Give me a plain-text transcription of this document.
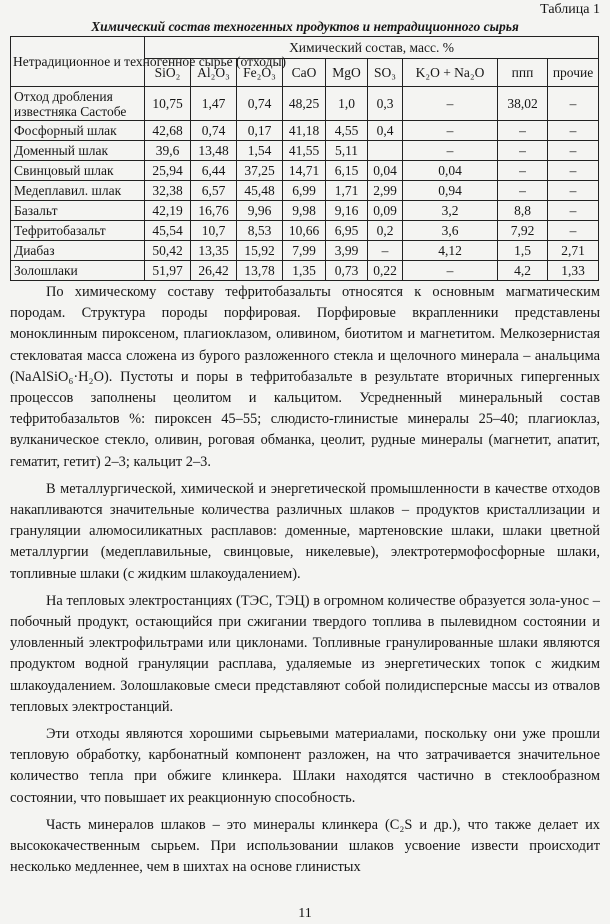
Таблица 1
Химический состав техногенных продуктов и нетрадиционного сырья
Нетрадиционное и техногенное сырье (отходы)	Химический состав, масс. %								
	SiO₂	Al₂O₃	Fe₂O₃	CaO	MgO	SO₃	K₂O + Na₂O	ппп	прочие
Отход дробления известняка Састобе	10,75	1,47	0,74	48,25	1,0	0,3	–	38,02	–
Фосфорный шлак	42,68	0,74	0,17	41,18	4,55	0,4	–	–	–
Доменный шлак	39,6	13,48	1,54	41,55	5,11		–	–	–
Свинцовый шлак	25,94	6,44	37,25	14,71	6,15	0,04	0,04	–	–
Медеплавил. шлак	32,38	6,57	45,48	6,99	1,71	2,99	0,94	–	–
Базальт	42,19	16,76	9,96	9,98	9,16	0,09	3,2	8,8	–
Тефритобазальт	45,54	10,7	8,53	10,66	6,95	0,2	3,6	7,92	–
Диабаз	50,42	13,35	15,92	7,99	3,99	–	4,12	1,5	2,71
Золошлаки	51,97	26,42	13,78	1,35	0,73	0,22	–	4,2	1,33

По химическому составу тефритобазальты относятся к основным магматическим породам. Структура породы порфировая. Порфировые вкрапленники представлены моноклинным пироксеном, плагиоклазом, оливином, биотитом и магнетитом. Мелкозернистая стекловатая масса сложена из бурого разложенного стекла и щелочного минерала – анальцима (NaAlSiO₆·H₂O). Пустоты и поры в тефритобазальте в результате вторичных гипергенных процессов заполнены цеолитом и кальцитом. Усредненный минеральный состав тефритобазальтов %: пироксен 45–55; слюдисто-глинистые минералы 25–40; плагиоклаз, вулканическое стекло, оливин, роговая обманка, цеолит, рудные минералы (магнетит, апатит, гематит, гетит) 2–3; кальцит 2–3.

В металлургической, химической и энергетической промышленности в качестве отходов накапливаются значительные количества различных шлаков – продуктов кристаллизации и грануляции алюмосиликатных расплавов: доменные, мартеновские шлаки, шлаки цветной металлургии (медеплавильные, свинцовые, никелевые), электротермофосфорные шлаки, топливные шлаки (с жидким шлакоудалением).

На тепловых электростанциях (ТЭС, ТЭЦ) в огромном количестве образуется зола-унос – побочный продукт, остающийся при сжигании твердого топлива в пылевидном состоянии и уловленный электрофильтрами или циклонами. Топливные гранулированные шлаки являются продуктом водной грануляции расплава, удаляемые из энергетических топок с жидким шлакоудалением. Золошлаковые смеси представляют собой полидисперсные массы из отвалов тепловых электростанций.

Эти отходы являются хорошими сырьевыми материалами, поскольку они уже прошли тепловую обработку, карбонатный компонент разложен, на что затрачивается значительное количество тепла при обжиге клинкера. Шлаки находятся частично в стеклообразном состоянии, что повышает их реакционную способность.

Часть минералов шлаков – это минералы клинкера (C₂S и др.), что также делает их высококачественным сырьем. При использовании шлаков усвоение извести происходит несколько медленнее, чем в шихтах на основе глинистых

11
